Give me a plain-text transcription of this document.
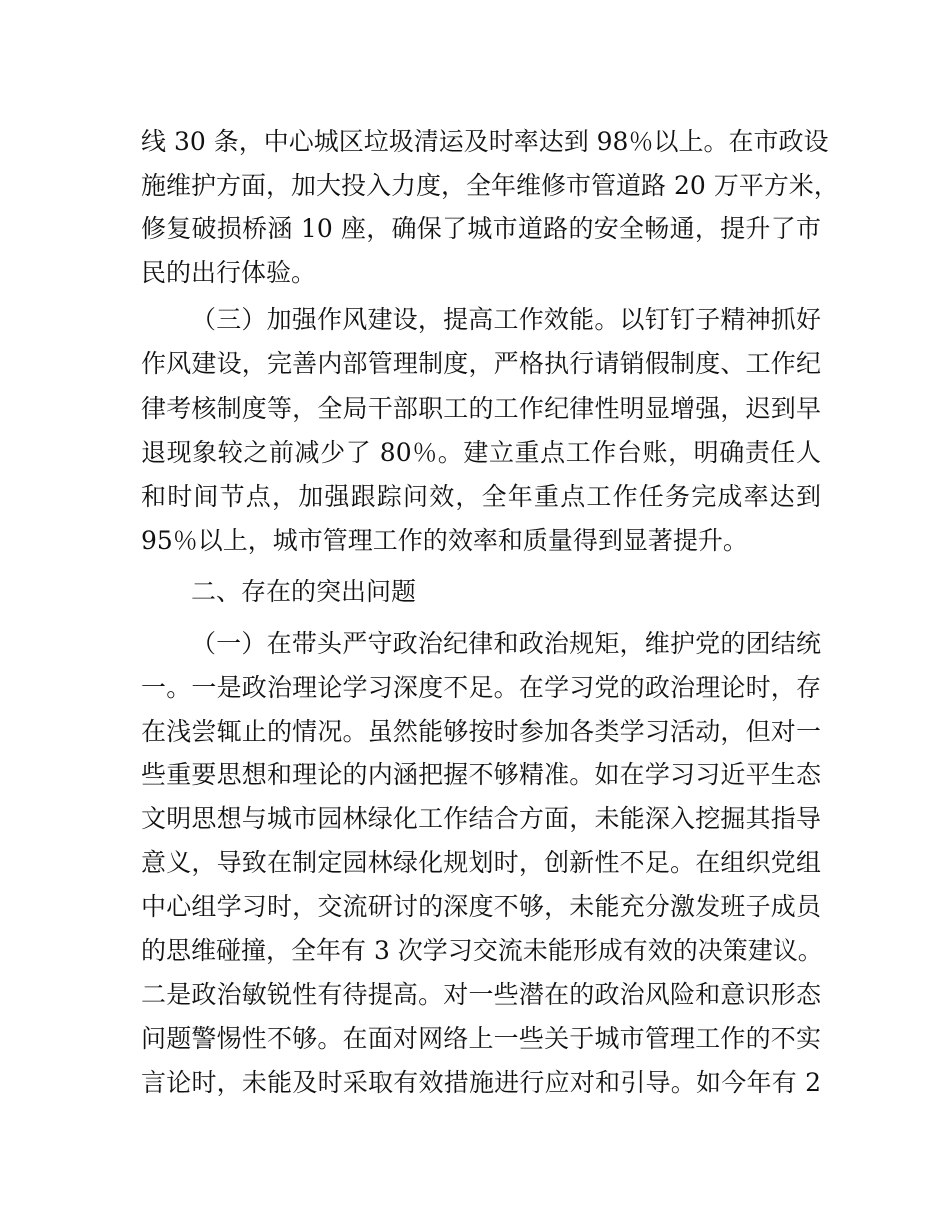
线 30 条，中心城区垃圾清运及时率达到 98％以上。在市政设
施维护方面，加大投入力度，全年维修市管道路 20 万平方米，
修复破损桥涵 10 座，确保了城市道路的安全畅通，提升了市
民的出行体验。
（三）加强作风建设，提高工作效能。以钉钉子精神抓好
作风建设，完善内部管理制度，严格执行请销假制度、工作纪
律考核制度等，全局干部职工的工作纪律性明显增强，迟到早
退现象较之前减少了 80％。建立重点工作台账，明确责任人
和时间节点，加强跟踪问效，全年重点工作任务完成率达到
95％以上，城市管理工作的效率和质量得到显著提升。
二、存在的突出问题
（一）在带头严守政治纪律和政治规矩，维护党的团结统
一。一是政治理论学习深度不足。在学习党的政治理论时，存
在浅尝辄止的情况。虽然能够按时参加各类学习活动，但对一
些重要思想和理论的内涵把握不够精准。如在学习习近平生态
文明思想与城市园林绿化工作结合方面，未能深入挖掘其指导
意义，导致在制定园林绿化规划时，创新性不足。在组织党组
中心组学习时，交流研讨的深度不够，未能充分激发班子成员
的思维碰撞，全年有 3 次学习交流未能形成有效的决策建议。
二是政治敏锐性有待提高。对一些潜在的政治风险和意识形态
问题警惕性不够。在面对网络上一些关于城市管理工作的不实
言论时，未能及时采取有效措施进行应对和引导。如今年有 2
